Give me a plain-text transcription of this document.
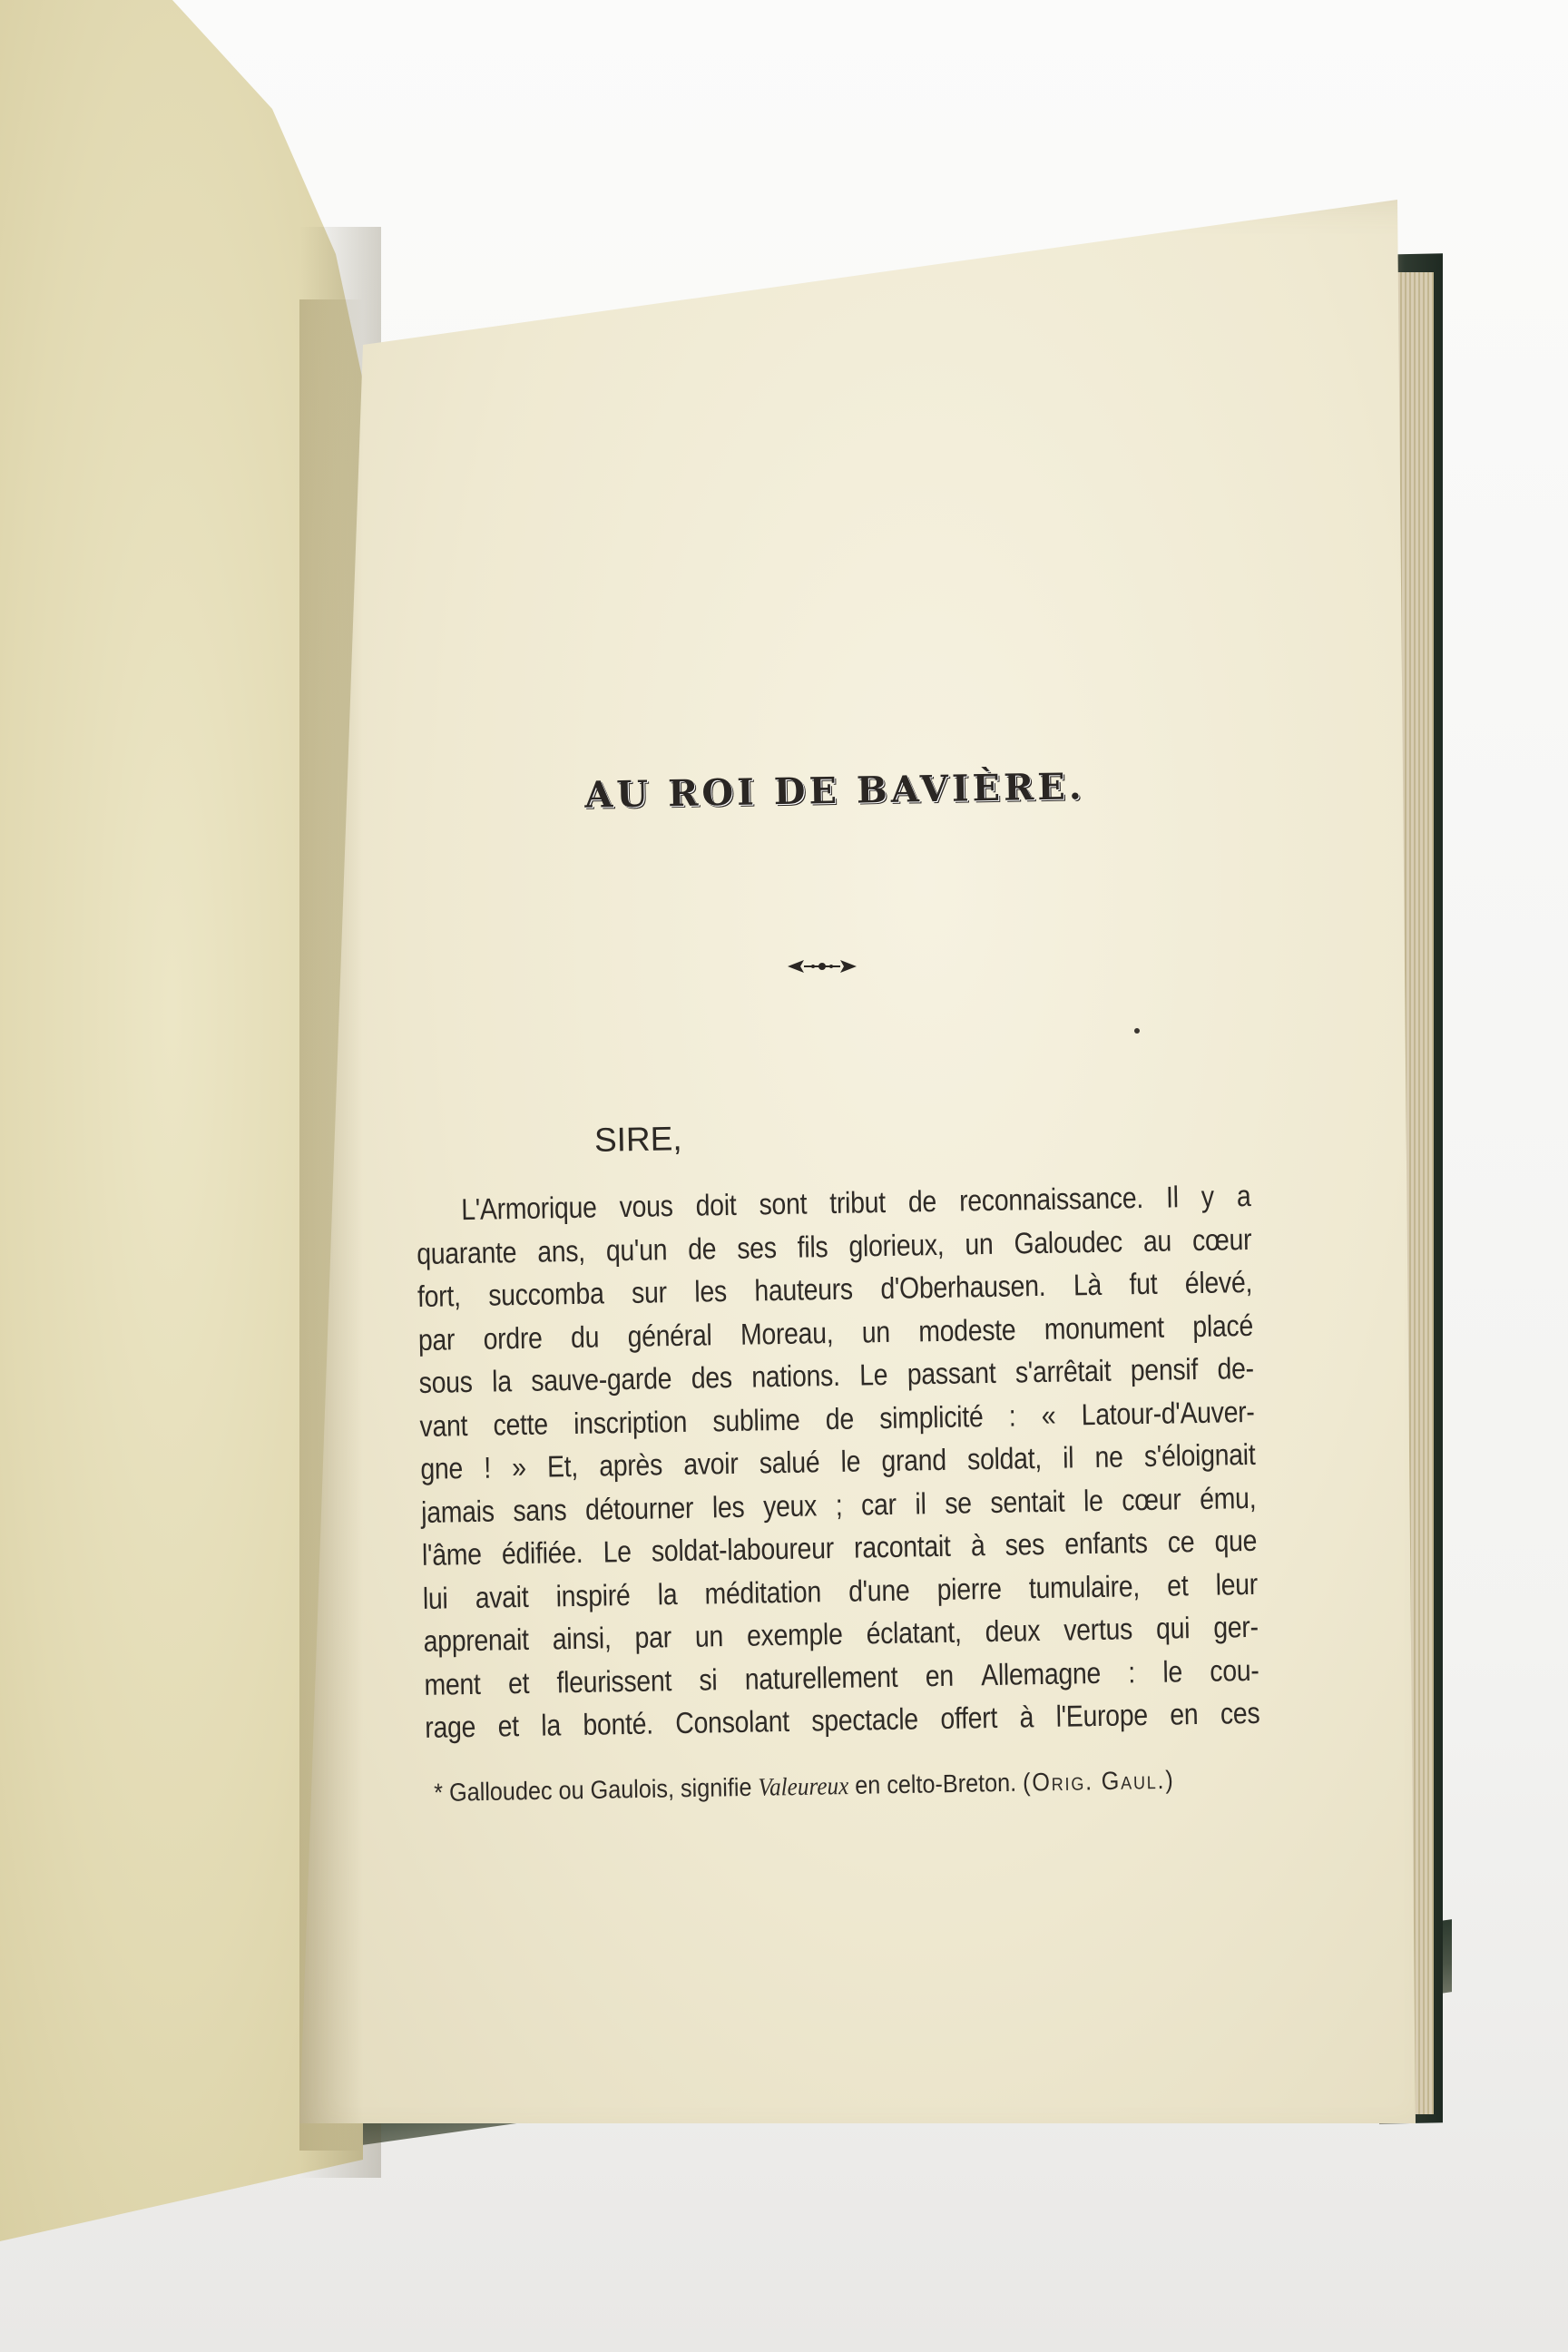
AU ROI DE BAVIÈRE.
SIRE,
L'Armorique vous doit sont tribut de reconnaissance. Il y a
quarante ans, qu'un de ses fils glorieux, un Galoudec au cœur
fort, succomba sur les hauteurs d'Oberhausen. Là fut élevé,
par ordre du général Moreau, un modeste monument placé
sous la sauve-garde des nations. Le passant s'arrêtait pensif de-
vant cette inscription sublime de simplicité : « Latour-d'Auver-
gne ! » Et, après avoir salué le grand soldat, il ne s'éloignait
jamais sans détourner les yeux ; car il se sentait le cœur ému,
l'âme édifiée. Le soldat-laboureur racontait à ses enfants ce que
lui avait inspiré la méditation d'une pierre tumulaire, et leur
apprenait ainsi, par un exemple éclatant, deux vertus qui ger-
ment et fleurissent si naturellement en Allemagne : le cou-
rage et la bonté. Consolant spectacle offert à l'Europe en ces
* Galloudec ou Gaulois, signifie Valeureux en celto-Breton. (Orig. Gaul.)
